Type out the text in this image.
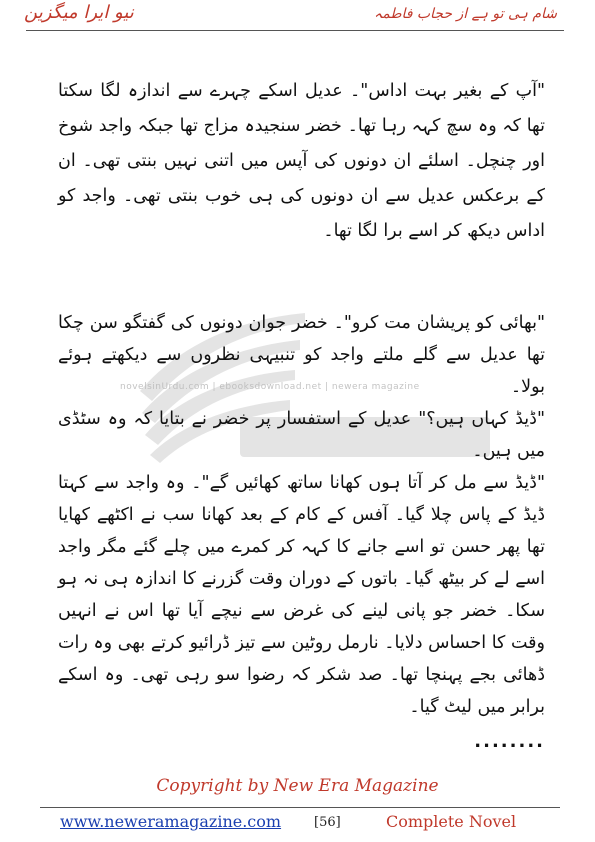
نیو ایرا میگزین	شام ہی تو ہے از حجاب فاطمہ
novelsinUrdu.com | ebooksdownload.net | newera magazine
"آپ کے بغیر بہت اداس"۔ عدیل اسکے چہرے سے اندازہ لگا سکتا تھا کہ وہ سچ کہہ رہا تھا۔ خضر سنجیدہ مزاج تھا جبکہ واجد شوخ اور چنچل۔ اسلئے ان دونوں کی آپس میں اتنی نہیں بنتی تھی۔ ان کے برعکس عدیل سے ان دونوں کی ہی خوب بنتی تھی۔ واجد کو اداس دیکھ کر اسے برا لگا تھا۔
"بھائی کو پریشان مت کرو"۔ خضر جوان دونوں کی گفتگو سن چکا تھا عدیل سے گلے ملتے واجد کو تنبیہی نظروں سے دیکھتے ہوئے بولا۔
"ڈیڈ کہاں ہیں؟" عدیل کے استفسار پر خضر نے بتایا کہ وہ سٹڈی میں ہیں۔
"ڈیڈ سے مل کر آتا ہوں کھانا ساتھ کھائیں گے"۔ وہ واجد سے کہتا ڈیڈ کے پاس چلا گیا۔ آفس کے کام کے بعد کھانا سب نے اکٹھے کھایا تھا پھر حسن تو اسے جانے کا کہہ کر کمرے میں چلے گئے مگر واجد اسے لے کر بیٹھ گیا۔ باتوں کے دوران وقت گزرنے کا اندازہ ہی نہ ہو سکا۔ خضر جو پانی لینے کی غرض سے نیچے آیا تھا اس نے انہیں وقت کا احساس دلایا۔ نارمل روٹین سے تیز ڈرائیو کرتے بھی وہ رات ڈھائی بجے پہنچا تھا۔ صد شکر کہ رضوا سو رہی تھی۔ وہ اسکے برابر میں لیٹ گیا۔
........
Copyright by New Era Magazine
www.neweramagazine.com	[56]	Complete Novel
